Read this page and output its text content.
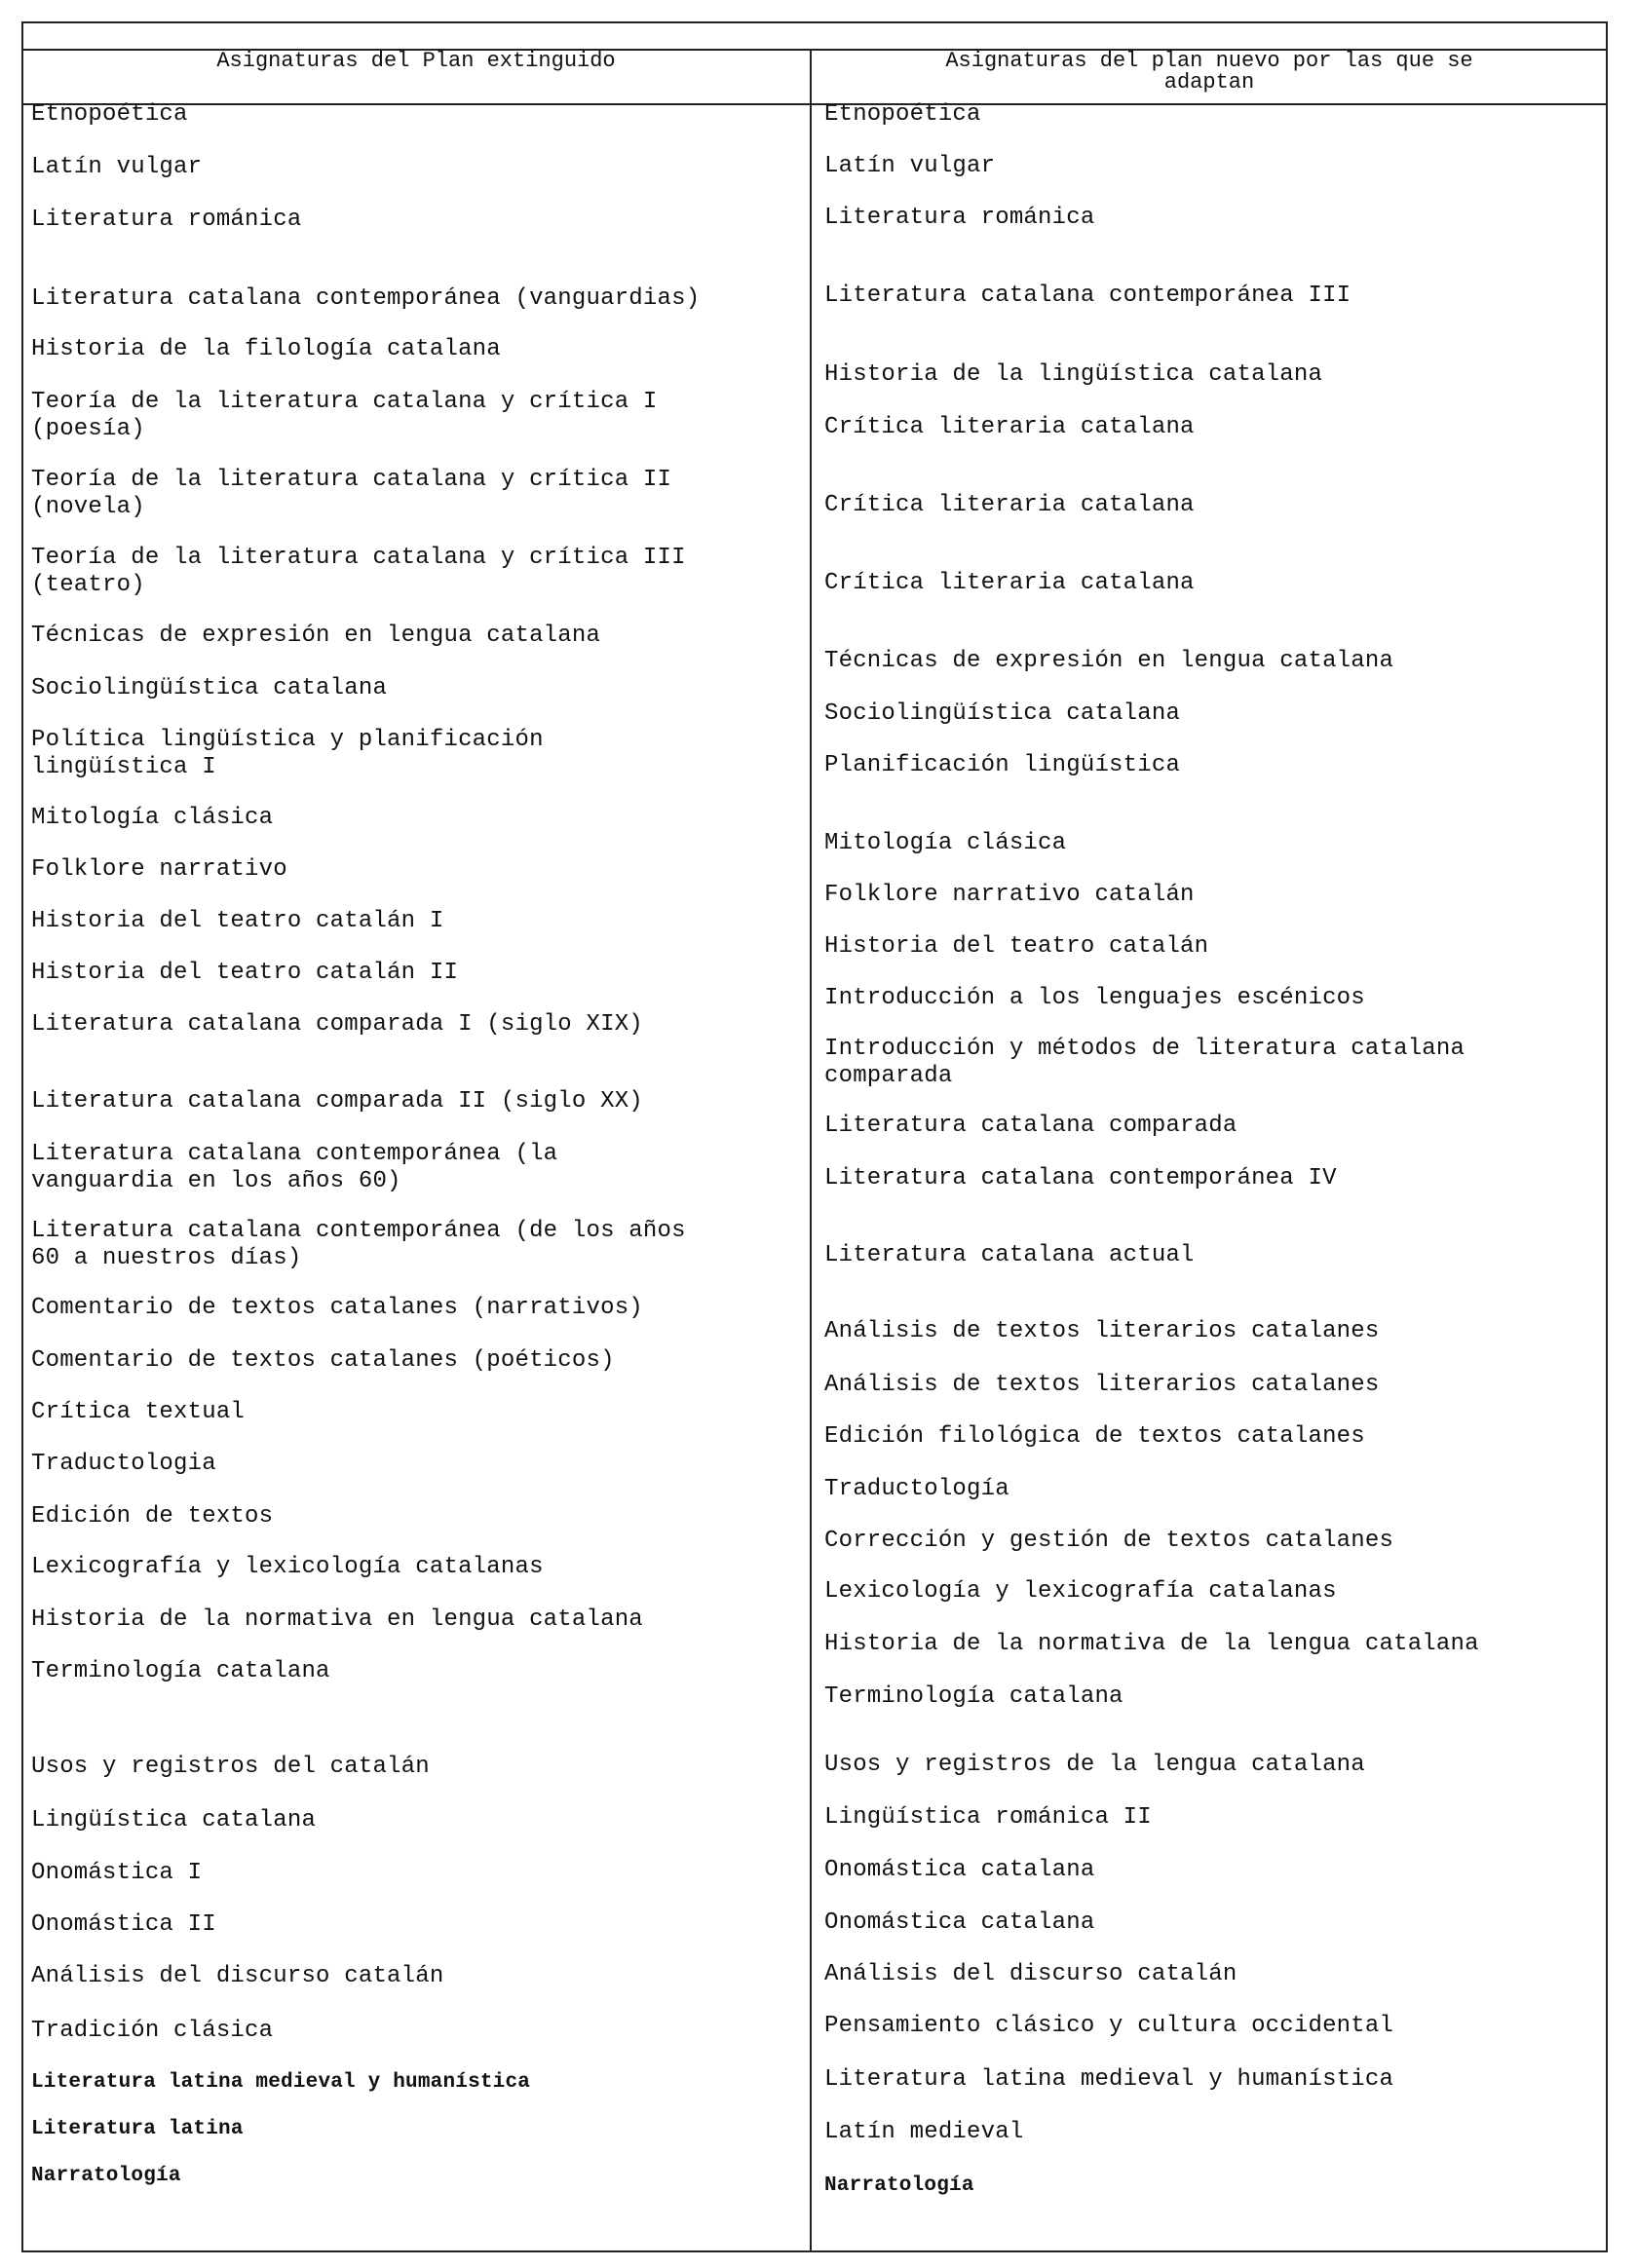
Asignaturas del Plan extinguido	Asignaturas del plan nuevo por las que se
adaptan
Etnopoética
Latín vulgar
Literatura románica
Literatura catalana contemporánea (vanguardias)
Historia de la filología catalana
Teoría de la literatura catalana y crítica I
(poesía)
Teoría de la literatura catalana y crítica II
(novela)
Teoría de la literatura catalana y crítica III
(teatro)
Técnicas de expresión en lengua catalana
Sociolingüística catalana
Política lingüística y planificación
lingüística I
Mitología clásica
Folklore narrativo
Historia del teatro catalán I
Historia del teatro catalán II
Literatura catalana comparada I (siglo XIX)
Literatura catalana comparada II (siglo XX)
Literatura catalana contemporánea (la
vanguardia en los años 60)
Literatura catalana contemporánea (de los años
60 a nuestros días)
Comentario de textos catalanes (narrativos)
Comentario de textos catalanes (poéticos)
Crítica textual
Traductologia
Edición de textos
Lexicografía y lexicología catalanas
Historia de la normativa en lengua catalana
Terminología catalana
Usos y registros del catalán
Lingüística catalana
Onomástica I
Onomástica II
Análisis del discurso catalán
Tradición clásica
Literatura latina medieval y humanística
Literatura latina
Narratología
Etnopoética
Latín vulgar
Literatura románica
Literatura catalana contemporánea III
Historia de la lingüística catalana
Crítica literaria catalana
Crítica literaria catalana
Crítica literaria catalana
Técnicas de expresión en lengua catalana
Sociolingüística catalana
Planificación lingüística
Mitología clásica
Folklore narrativo catalán
Historia del teatro catalán
Introducción a los lenguajes escénicos
Introducción y métodos de literatura catalana
comparada
Literatura catalana comparada
Literatura catalana contemporánea IV
Literatura catalana actual
Análisis de textos literarios catalanes
Análisis de textos literarios catalanes
Edición filológica de textos catalanes
Traductología
Corrección y gestión de textos catalanes
Lexicología y lexicografía catalanas
Historia de la normativa de la lengua catalana
Terminología catalana
Usos y registros de la lengua catalana
Lingüística románica II
Onomástica catalana
Onomástica catalana
Análisis del discurso catalán
Pensamiento clásico y cultura occidental
Literatura latina medieval y humanística
Latín medieval
Narratología
